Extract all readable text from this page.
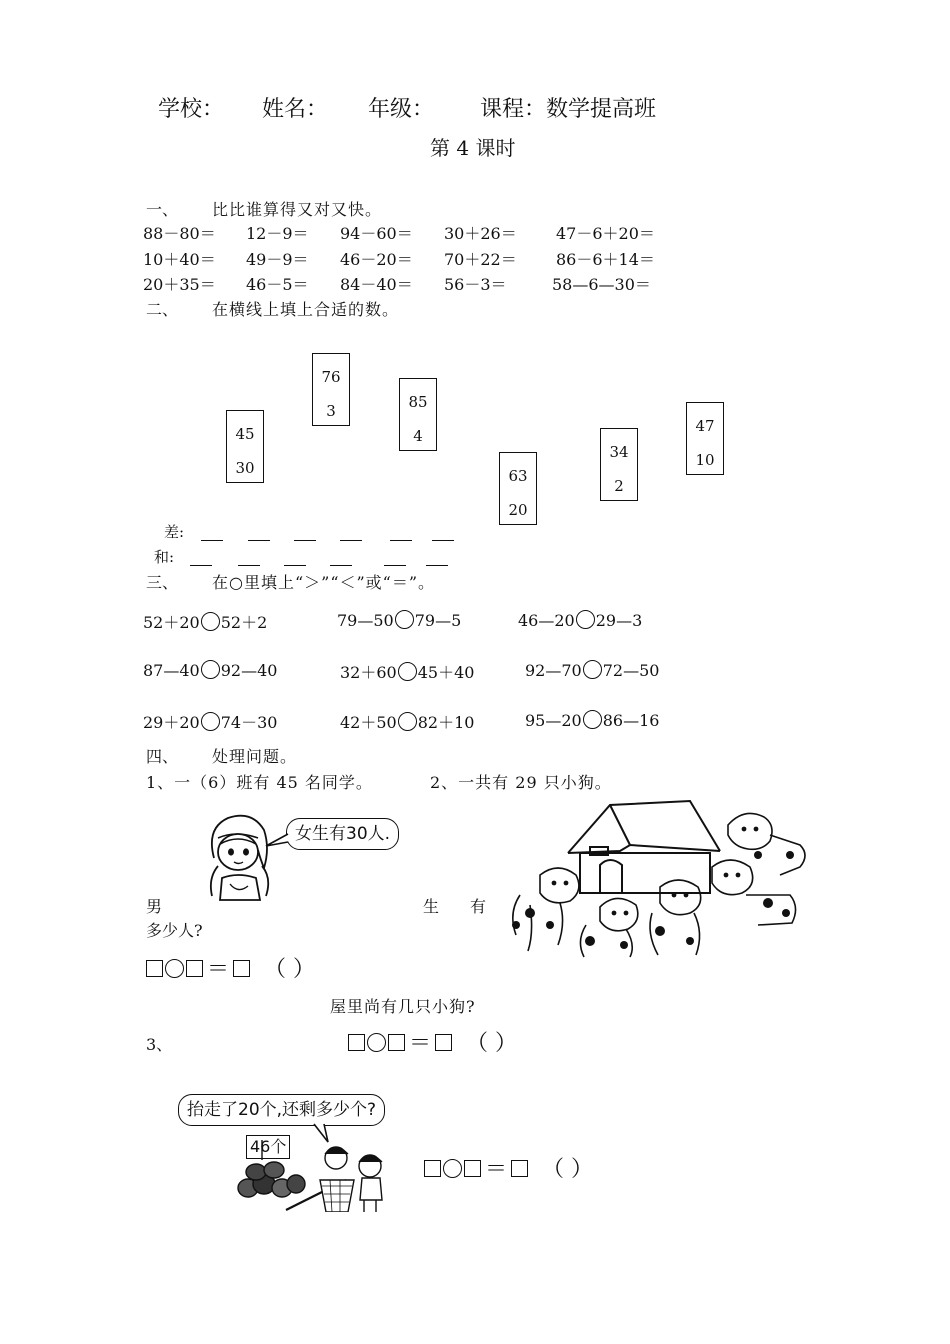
学校： 姓名： 年级： 课程：数学提高班
第 4 课时
一、 比比谁算得又对又快。
88－80＝ 12－9＝ 94－60＝ 30＋26＝ 47－6＋20＝
10＋40＝ 49－9＝ 46－20＝ 70＋22＝ 86－6＋14＝
20＋35＝ 46－5＝ 84－40＝ 56－3＝	58—6—30＝
二、 在横线上填上合适的数。
45
30
76
3	85
4
63
20
34
2
47
10
差:
和:
三、 在○里填上“＞”“＜”或“＝”。
52＋20 52＋2	79—50 79—5	46—20 29—3
87—40 92—40	32＋60 45＋40	92—70 72—50
29＋20 74－30	42＋50 82＋10	95—20 86—16
四、 处理问题。
1、一（6）班有 45 名同学。	2、一共有 29 只小狗。
女生有30人.
男	生 有
多少人?
＝ （ ）
屋里尚有几只小狗?
3、	＝ （ ）
抬走了20个,还剩多少个?
46个
＝ （ ）
